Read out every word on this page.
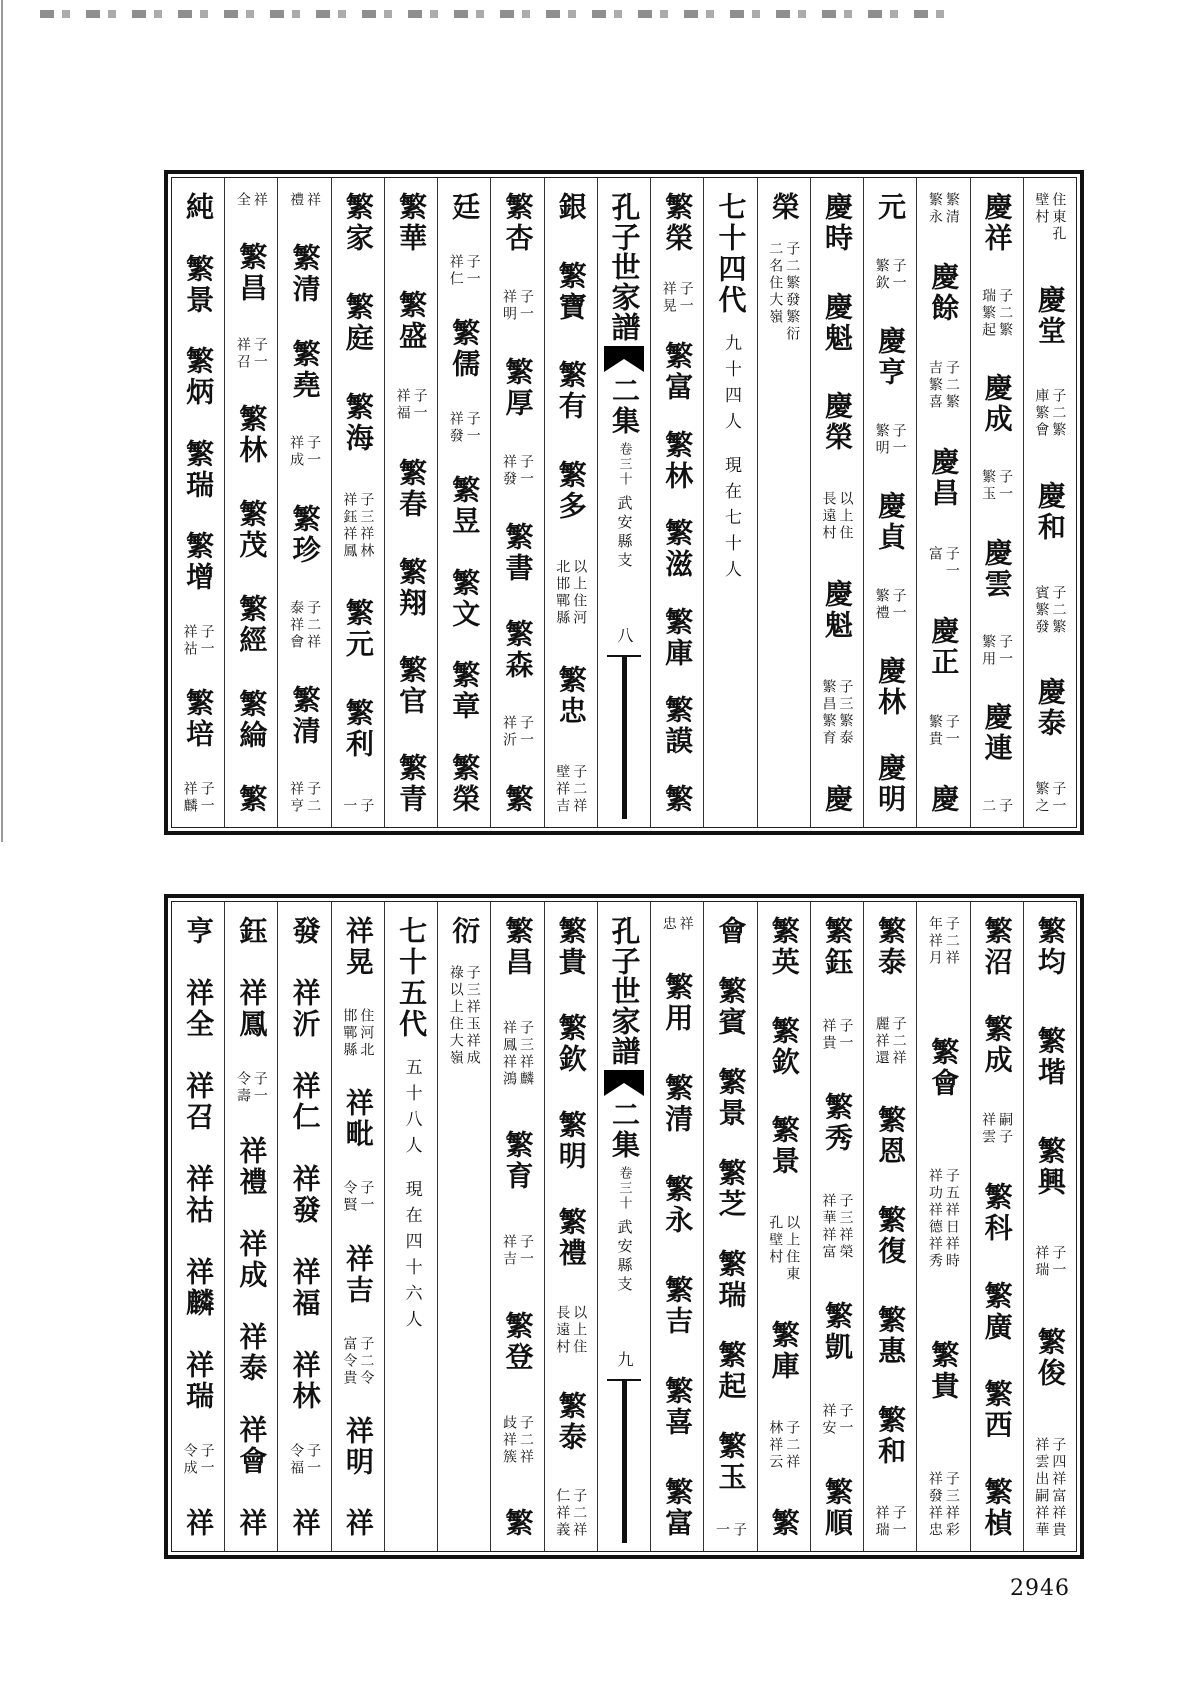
住東孔
壁村
慶堂
子二繁
庫繁會
慶和
子二繁
賓繁發
慶泰
子一
繁之
慶祥
子二繁
瑞繁起
慶成
子一
繁玉
慶雲
子一
繁用
慶連
子
二
繁清
繁永
慶餘
子二繁
吉繁喜
慶昌
子一
富
慶正
子一
繁貴
慶
元
子一
繁欽
慶亨
子一
繁明
慶貞
子一
繁禮
慶林
慶明
慶時
慶魁
慶榮
以上住
長遠村
慶魁
子三繁泰
繁昌繁育
慶
榮
子二繁發繁衍
二名住大嶺
七十四代
九十四人
現在七十人
繁榮
子一
祥晃
繁富
繁林
繁滋
繁庫
繁謨
繁
孔子世家譜
二集
卷三十
武安縣支
八
銀
繁寶
繁有
繁多
以上住河
北邯鄲縣
繁忠
子二祥
壁祥吉
繁杏
子一
祥明
繁厚
子一
祥發
繁書
繁森
子一
祥沂
繁
廷
子一
祥仁
繁儒
子一
祥發
繁昱
繁文
繁章
繁榮
繁華
繁盛
子一
祥福
繁春
繁翔
繁官
繁青
繁家
繁庭
繁海
子三祥林
祥鈺祥鳳
繁元
繁利
子
一
祥
禮
繁清
繁堯
子一
祥成
繁珍
子二祥
泰祥會
繁清
子二
祥亨
祥
全
繁昌
子一
祥召
繁林
繁茂
繁經
繁綸
繁
純
繁景
繁炳
繁瑞
繁增
子一
祥祜
繁培
子一
祥麟
繁均
繁堦
繁興
子一
祥瑞
繁俊
子四祥富祥貴
祥雲出嗣祥華
繁沼
繁成
嗣子
祥雲
繁科
繁廣
繁西
繁楨
子二祥
年祥月
繁會
子五祥日祥時
祥功祥德祥秀
繁貴
子三祥彩
祥發祥忠
繁泰
子二祥
麗祥還
繁恩
繁復
繁惠
繁和
子一
祥瑞
繁鈺
子一
祥貴
繁秀
子三祥榮
祥華祥富
繁凱
子一
祥安
繁順
繁英
繁欽
繁景
以上住東
孔壁村
繁庫
子二祥
林祥云
繁
會
繁賓
繁景
繁芝
繁瑞
繁起
繁玉
子
一
祥
忠
繁用
繁清
繁永
繁吉
繁喜
繁富
孔子世家譜
二集
卷三十
武安縣支
九
繁貴
繁欽
繁明
繁禮
以上住
長遠村
繁泰
子二祥
仁祥義
繁昌
子三祥麟
祥鳳祥鴻
繁育
子一
祥吉
繁登
子二祥
歧祥簇
繁
衍
子三祥玉祥成
祿以上住大嶺
七十五代
五十八人
現在四十六人
祥晃
住河北
邯鄲縣
祥毗
子一
令賢
祥吉
子二令
富令貴
祥明
祥
發
祥沂
祥仁
祥發
祥福
祥林
子一
令福
祥
鈺
祥鳳
子一
令壽
祥禮
祥成
祥泰
祥會
祥
亨
祥全
祥召
祥祜
祥麟
祥瑞
子一
令成
祥
2946
